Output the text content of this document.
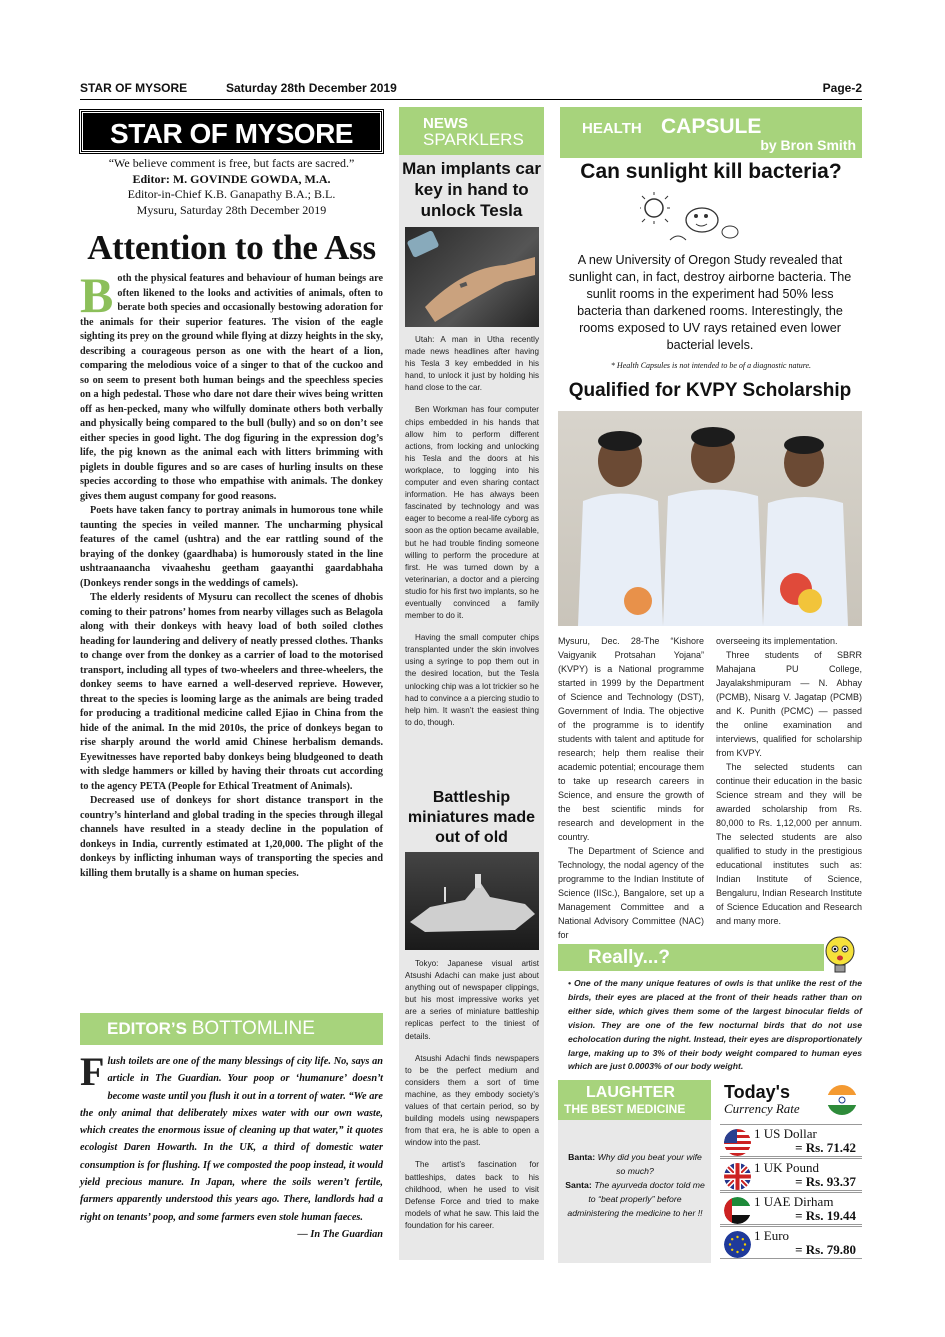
STAR OF MYSORE	Saturday 28th December 2019	Page-2
STAR OF MYSORE
“We believe comment is free, but facts are sacred.”
Editor: M. GOVINDE GOWDA, M.A.
Editor-in-Chief K.B. Ganapathy B.A.; B.L.
Mysuru, Saturday 28th December 2019
Attention to the Ass

Both the physical features and behaviour of human beings are often likened to the looks and activities of animals, often to berate both species and occasionally bestowing adoration for the animals for their superior features. The vision of the eagle sighting its prey on the ground while flying at dizzy heights in the sky, describing a courageous person as one with the heart of a lion, comparing the melodious voice of a singer to that of the cuckoo and so on seem to present both human beings and the speechless species on a high pedestal. Those who dare not dare their wives being written off as hen-pecked, many who wilfully dominate others both verbally and physically being compared to the bull (bully) and so on don’t see either species in good light. The dog figuring in the expression dog’s life, the pig known as the animal each with litters brimming with piglets in double figures and so are cases of hurling insults on these species according to those who empathise with animals. The donkey gives them august company for good reasons.

Poets have taken fancy to portray animals in humorous tone while taunting the species in veiled manner. The uncharming physical features of the camel (ushtra) and the ear rattling sound of the braying of the donkey (gaardhaba) is humorously stated in the line ushtraanaancha vivaaheshu geetham gaayanthi gaardabhaha (Donkeys render songs in the weddings of camels).

The elderly residents of Mysuru can recollect the scenes of dhobis coming to their patrons’ homes from nearby villages such as Belagola along with their donkeys with heavy load of both soiled clothes heading for laundering and delivery of neatly pressed clothes. Thanks to change over from the donkey as a carrier of load to the motorised transport, including all types of two-wheelers and three-wheelers, the donkey seems to have earned a well-deserved reprieve. However, threat to the species is looming large as the animals are being traded for producing a traditional medicine called Ejiao in China from the hide of the animal. In the mid 2010s, the price of donkeys began to rise sharply around the world amid Chinese herbalism demands. Eyewitnesses have reported baby donkeys being bludgeoned to death with sledge hammers or killed by having their throats cut according to the agency PETA (People for Ethical Treatment of Animals).

Decreased use of donkeys for short distance transport in the country’s hinterland and global trading in the species through illegal channels have resulted in a steady decline in the population of donkeys in India, currently estimated at 1,20,000. The plight of the donkeys by inflicting inhuman ways of transporting the species and killing them brutally is a shame on human species.

EDITOR’S BOTTOMLINE
Flush toilets are one of the many blessings of city life. No, says an article in The Guardian. Your poop or ‘humanure’ doesn’t become waste until you flush it out in a torrent of water. “We are the only animal that deliberately mixes water with our own waste, which creates the enormous issue of cleaning up that water,” it quotes ecologist Daren Howarth. In the UK, a third of domestic water consumption is for flushing. If we composted the poop instead, it would yield precious manure. In Japan, where the soils weren’t fertile, farmers apparently understood this years ago. There, landlords had a right on tenants’ poop, and some farmers even stole human faeces.
— In The Guardian
NEWS
SPARKLERS
Man implants car key in hand to unlock Tesla

Utah: A man in Utha recently made news headlines after having his Tesla 3 key embedded in his hand, to unlock it just by holding his hand close to the car.

Ben Workman has four computer chips embedded in his hands that allow him to perform different actions, from locking and unlocking his Tesla and the doors at his workplace, to logging into his computer and even sharing contact information. He has always been fascinated by technology and was eager to become a real-life cyborg as soon as the option became available, but he had trouble finding someone willing to perform the procedure at first. He was turned down by a veterinarian, a doctor and a piercing studio for his first two implants, so he eventually convinced a family member to do it.

Having the small computer chips transplanted under the skin involves using a syringe to pop them out in the desired location, but the Tesla unlocking chip was a lot trickier so he had to convince a a piercing studio to help him. It wasn’t the easiest thing to do, though.

Battleship miniatures made out of old

Tokyo: Japanese visual artist Atsushi Adachi can make just about anything out of newspaper clippings, but his most impressive works yet are a series of miniature battleship replicas perfect to the tiniest of details.

Atsushi Adachi finds newspapers to be the perfect medium and considers them a sort of time machine, as they embody society’s values of that certain period, so by building models using newspapers from that era, he is able to open a window into the past.

The artist’s fascination for battleships, dates back to his childhood, when he used to visit Defense Force and tried to make models of what he saw. This laid the foundation for his career.

HEALTH CAPSULE
by Bron Smith
Can sunlight kill bacteria?
A new University of Oregon Study revealed that sunlight can, in fact, destroy airborne bacteria. The sunlit rooms in the experiment had 50% less bacteria than darkened rooms. Interestingly, the rooms exposed to UV rays retained even lower bacterial levels.
* Health Capsules is not intended to be of a diagnostic nature.
Qualified for KVPY Scholarship

Mysuru, Dec. 28-The “Kishore Vaigyanik Protsahan Yojana” (KVPY) is a National programme started in 1999 by the Department of Science and Technology (DST), Government of India. The objective of the programme is to identify students with talent and aptitude for research; help them realise their academic potential; encourage them to take up research careers in Science, and ensure the growth of the best scientific minds for research and development in the country.

The Department of Science and Technology, the nodal agency of the programme to the Indian Institute of Science (IISc.), Bangalore, set up a Management Committee and a National Advisory Committee (NAC) for

overseeing its implementation.

Three students of SBRR Mahajana PU College, Jayalakshmipuram — N. Abhay (PCMB), Nisarg V. Jagatap (PCMB) and K. Punith (PCMC) — passed the online examination and interviews, qualified for scholarship from KVPY.

The selected students can continue their education in the basic Science stream and they will be awarded scholarship from Rs. 80,000 to Rs. 1,12,000 per annum. The selected students are also qualified to study in the prestigious educational institutes such as: Indian Institute of Science, Bengaluru, Indian Research Institute of Science Education and Research and many more.

Really...?
• One of the many unique features of owls is that unlike the rest of the birds, their eyes are placed at the front of their heads rather than on either side, which gives them some of the largest binocular fields of vision. They are one of the few nocturnal birds that do not use echolocation during the night. Instead, their eyes are disproportionately large, making up to 3% of their body weight compared to human eyes which are just 0.0003% of our body weight.
LAUGHTER
THE BEST MEDICINE
Banta: Why did you beat your wife so much?
Santa: The ayurveda doctor told me to “beat properly” before administering the medicine to her !!
Today's
Currency Rate
1 US Dollar
= Rs. 71.42
1 UK Pound
= Rs. 93.37
1 UAE Dirham
= Rs. 19.44
1 Euro
= Rs. 79.80
